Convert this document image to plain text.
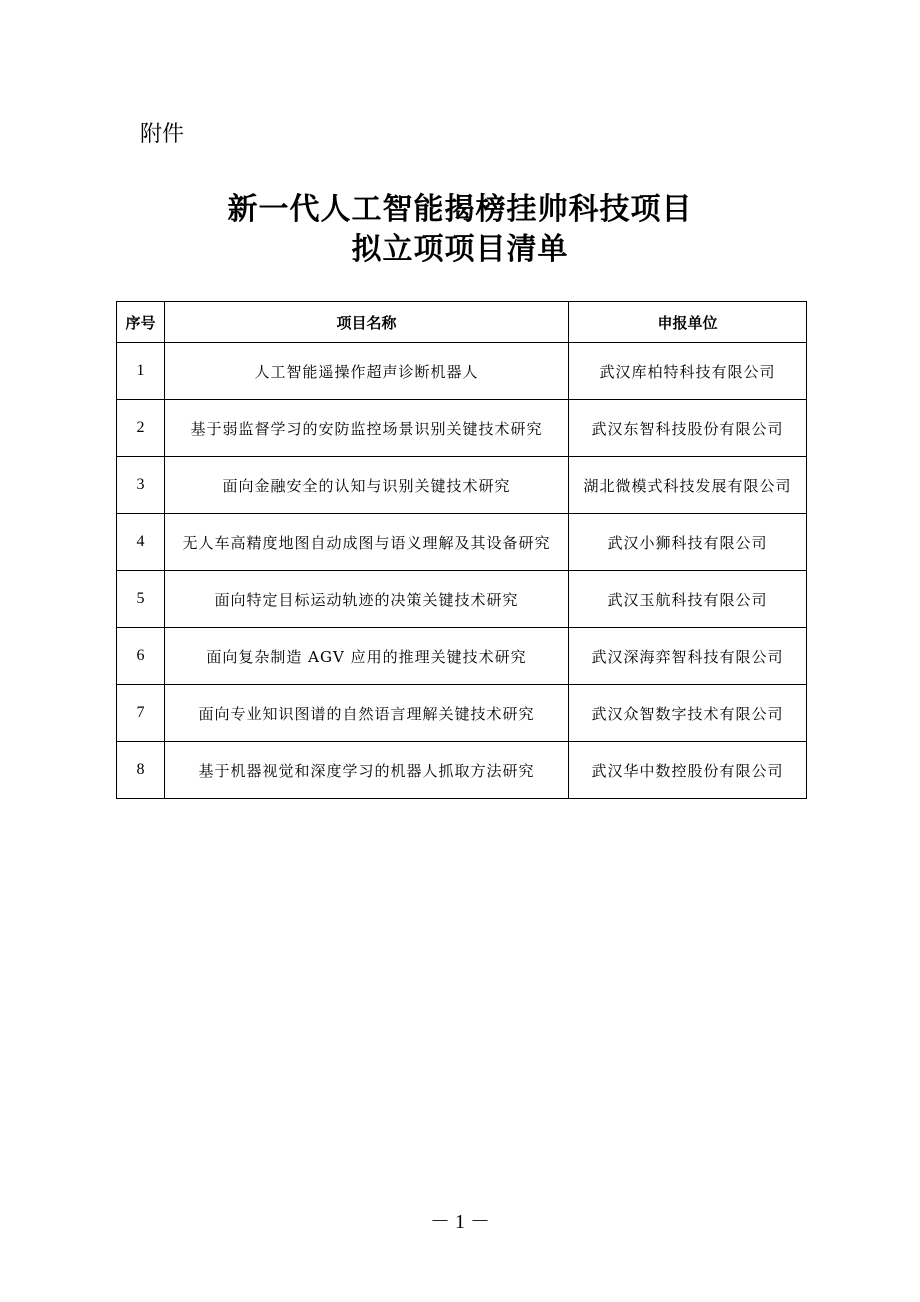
附件
新一代人工智能揭榜挂帅科技项目
拟立项项目清单
序号	项目名称	申报单位
1	人工智能遥操作超声诊断机器人	武汉库柏特科技有限公司
2	基于弱监督学习的安防监控场景识别关键技术研究	武汉东智科技股份有限公司
3	面向金融安全的认知与识别关键技术研究	湖北微模式科技发展有限公司
4	无人车高精度地图自动成图与语义理解及其设备研究	武汉小狮科技有限公司
5	面向特定目标运动轨迹的决策关键技术研究	武汉玉航科技有限公司
6	面向复杂制造 AGV 应用的推理关键技术研究	武汉深海弈智科技有限公司
7	面向专业知识图谱的自然语言理解关键技术研究	武汉众智数字技术有限公司
8	基于机器视觉和深度学习的机器人抓取方法研究	武汉华中数控股份有限公司
－ 1 －
